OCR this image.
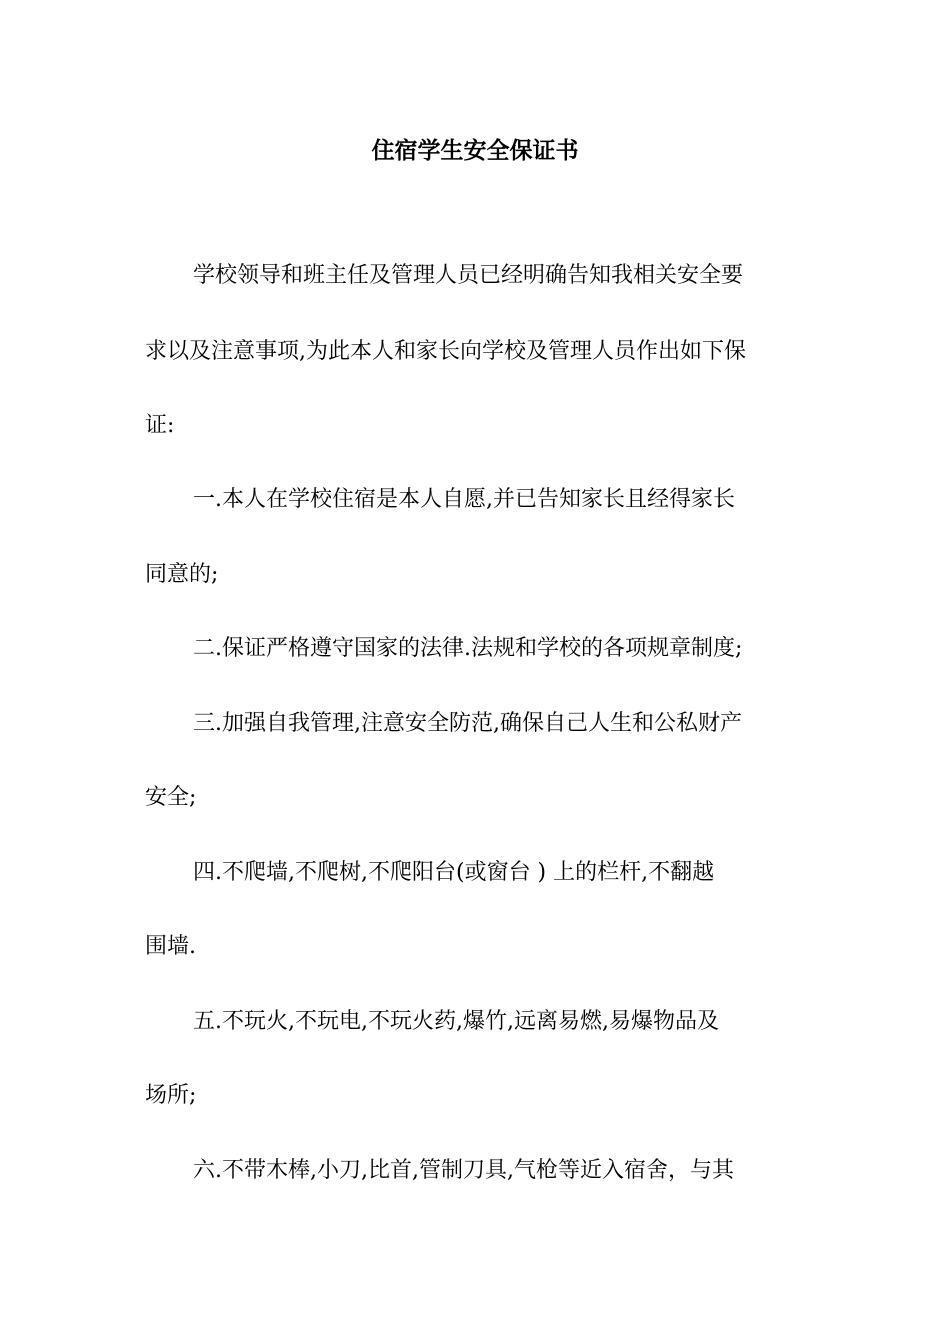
住宿学生安全保证书
学校领导和班主任及管理人员已经明确告知我相关安全要
求以及注意事项,为此本人和家长向学校及管理人员作出如下保
证:
一.本人在学校住宿是本人自愿,并已告知家长且经得家长
同意的;
二.保证严格遵守国家的法律.法规和学校的各项规章制度;
三.加强自我管理,注意安全防范,确保自己人生和公私财产
安全;
四.不爬墙,不爬树,不爬阳台(或窗台 ) 上的栏杆,不翻越
围墙.
五.不玩火,不玩电,不玩火药,爆竹,远离易燃,易爆物品及
场所;
六.不带木棒,小刀,比首,管制刀具,气枪等近入宿舍，与其
